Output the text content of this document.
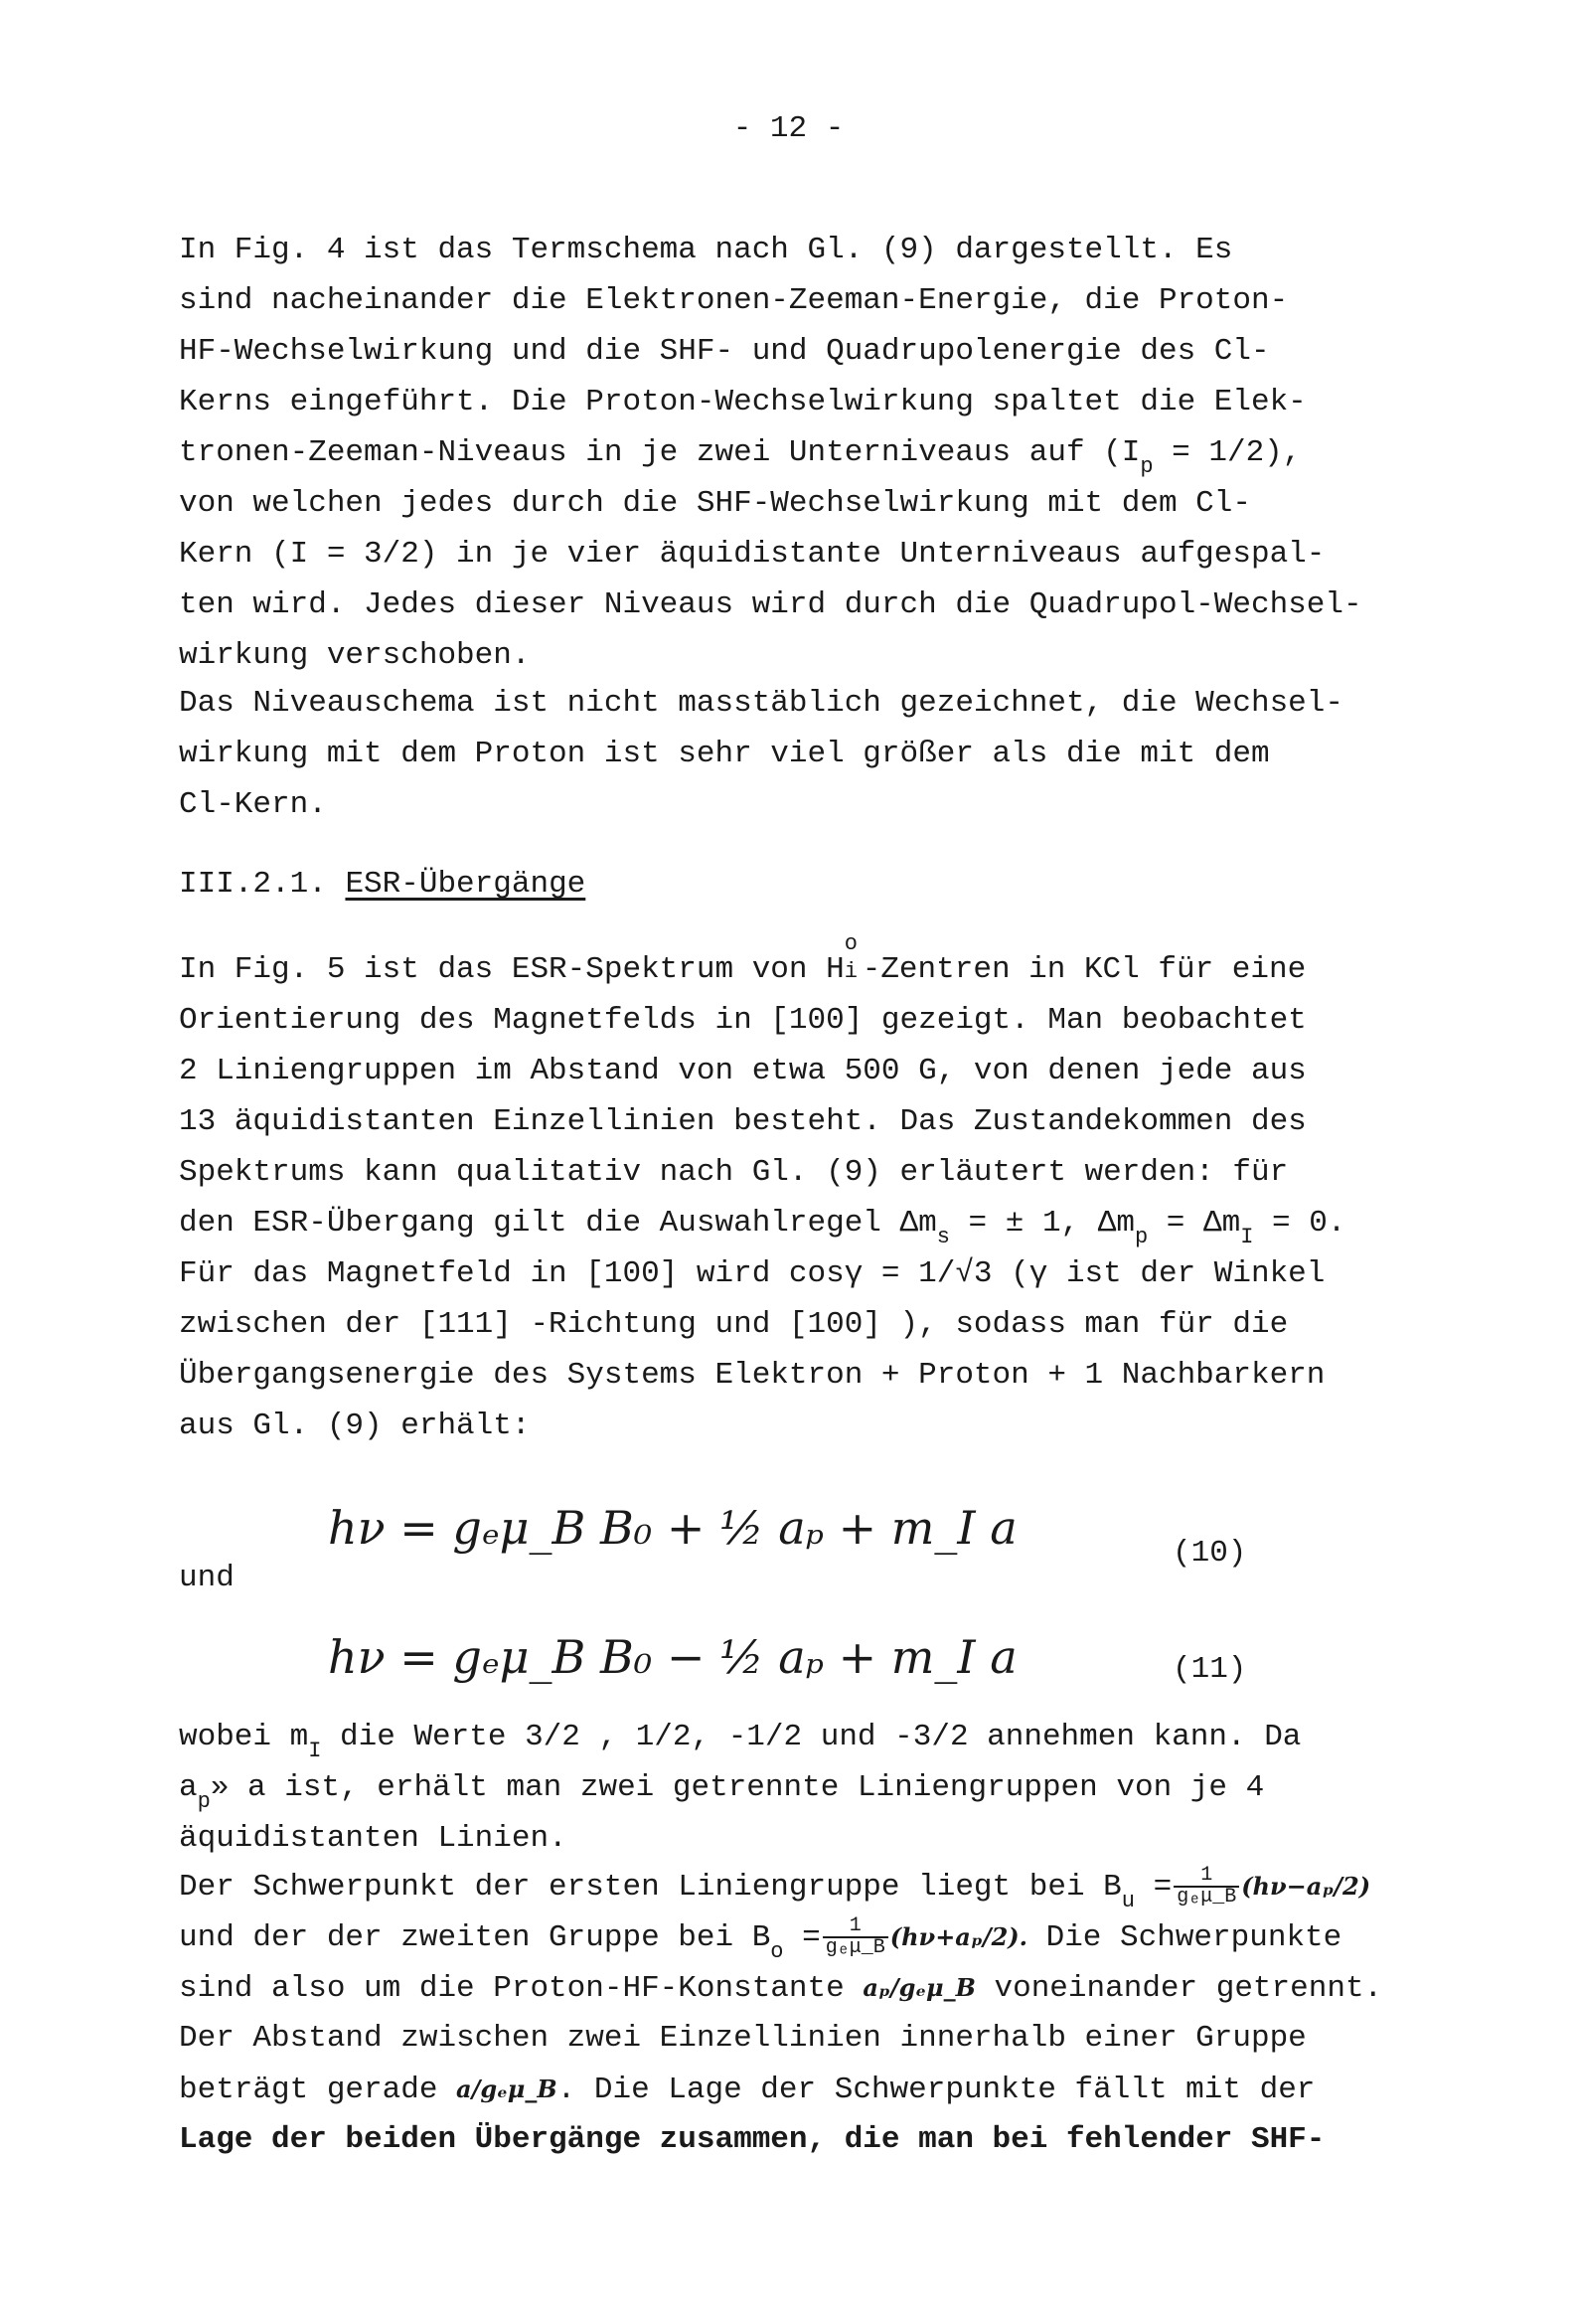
- 12 -
In Fig. 4 ist das Termschema nach Gl. (9) dargestellt. Es
sind nacheinander die Elektronen-Zeeman-Energie, die Proton-
HF-Wechselwirkung und die SHF- und Quadrupolenergie des Cl-
Kerns eingeführt. Die Proton-Wechselwirkung spaltet die Elek-
tronen-Zeeman-Niveaus in je zwei Unterniveaus auf $(I_p = 1/2)$,
von welchen jedes durch die SHF-Wechselwirkung mit dem Cl-
Kern (I = 3/2) in je vier äquidistante Unterniveaus aufgespal-
ten wird. Jedes dieser Niveaus wird durch die Quadrupol-Wechsel-
wirkung verschoben.
Das Niveauschema ist nicht masstäblich gezeichnet, die Wechsel-
wirkung mit dem Proton ist sehr viel größer als die mit dem
Cl-Kern.
III.2.1. ESR-Übergänge
In Fig. 5 ist das ESR-Spektrum von H
o
i -Zentren in KCl für eine
Orientierung des Magnetfelds in [100] gezeigt. Man beobachtet
2 Liniengruppen im Abstand von etwa 500 G, von denen jede aus
13 äquidistanten Einzellinien besteht. Das Zustandekommen des
Spektrums kann qualitativ nach Gl. (9) erläutert werden: für
den ESR-Übergang gilt die Auswahlregel $\Delta m_s$ = ± 1, $\Delta m_p = \Delta m_I = 0$.
Für das Magnetfeld in [100] wird cosγ = 1/√3 (γ ist der Winkel
zwischen der [111] -Richtung und [100] ), sodass man für die
Übergangsenergie des Systems Elektron + Proton + 1 Nachbarkern
aus Gl. (9) erhält:
und
hν = gₑμ_B B₀ + ½ aₚ + m_I a	(10)
hν = gₑμ_B B₀ − ½ aₚ + m_I a	(11)
wobei $m_I$ die Werte 3/2 , 1/2, -1/2 und -3/2 annehmen kann. Da
$a_p$» a ist, erhält man zwei getrennte Liniengruppen von je 4
äquidistanten Linien.
Der Schwerpunkt der ersten Liniengruppe liegt bei $B_u = \frac{1}{\text{gₑμ\_B}} (h\nu-a_p/2)$
und der der zweiten Gruppe bei $B_o = \frac{1}{\text{gₑμ\_B}} (h\nu+a_p/2)$. Die Schwerpunkte
sind also um die Proton-HF-Konstante aₚ/gₑμ_B voneinander getrennt.
Der Abstand zwischen zwei Einzellinien innerhalb einer Gruppe
beträgt gerade a/gₑμ_B. Die Lage der Schwerpunkte fällt mit der
Lage der beiden Übergänge zusammen, die man bei fehlender SHF-
